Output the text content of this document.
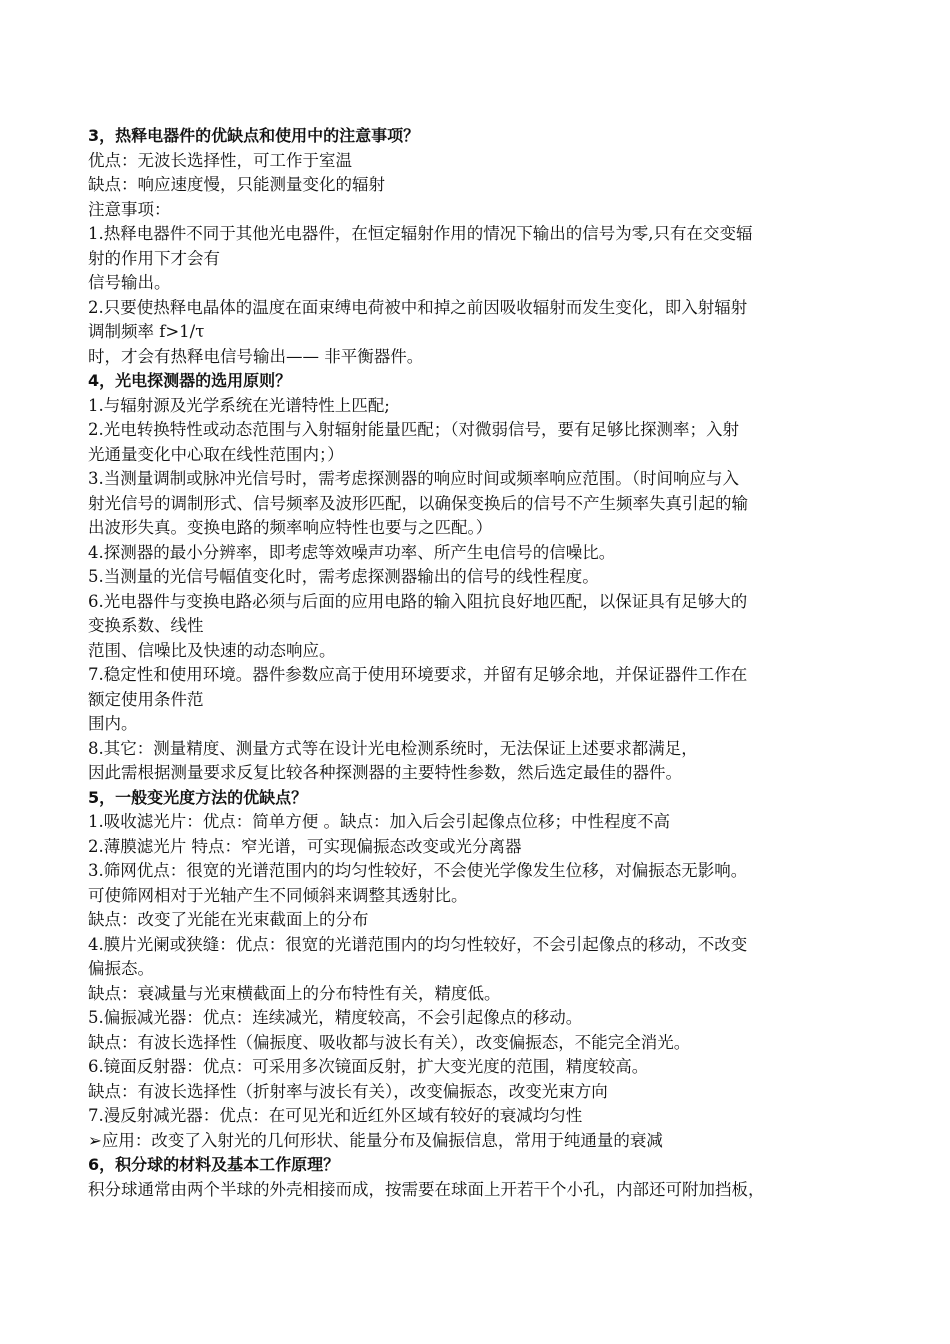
3，热释电器件的优缺点和使用中的注意事项？
优点：无波长选择性，可工作于室温
缺点：响应速度慢，只能测量变化的辐射
注意事项：
1.热释电器件不同于其他光电器件，在恒定辐射作用的情况下输出的信号为零,只有在交变辐
射的作用下才会有
信号输出。
2.只要使热释电晶体的温度在面束缚电荷被中和掉之前因吸收辐射而发生变化，即入射辐射
调制频率 f>1/τ
时，才会有热释电信号输出—— 非平衡器件。
4，光电探测器的选用原则？
1.与辐射源及光学系统在光谱特性上匹配;
2.光电转换特性或动态范围与入射辐射能量匹配；（对微弱信号，要有足够比探测率；入射
光通量变化中心取在线性范围内；）
3.当测量调制或脉冲光信号时，需考虑探测器的响应时间或频率响应范围。（时间响应与入
射光信号的调制形式、信号频率及波形匹配，以确保变换后的信号不产生频率失真引起的输
出波形失真。变换电路的频率响应特性也要与之匹配。）
4.探测器的最小分辨率，即考虑等效噪声功率、所产生电信号的信噪比。
5.当测量的光信号幅值变化时，需考虑探测器输出的信号的线性程度。
6.光电器件与变换电路必须与后面的应用电路的输入阻抗良好地匹配，以保证具有足够大的
变换系数、线性
范围、信噪比及快速的动态响应。
7.稳定性和使用环境。器件参数应高于使用环境要求，并留有足够余地，并保证器件工作在
额定使用条件范
围内。
8.其它：测量精度、测量方式等在设计光电检测系统时，无法保证上述要求都满足，
因此需根据测量要求反复比较各种探测器的主要特性参数，然后选定最佳的器件。
5，一般变光度方法的优缺点？
1.吸收滤光片：优点：简单方便 。缺点：加入后会引起像点位移；中性程度不高
2.薄膜滤光片 特点：窄光谱，可实现偏振态改变或光分离器
3.筛网优点：很宽的光谱范围内的均匀性较好，不会使光学像发生位移，对偏振态无影响。
可使筛网相对于光轴产生不同倾斜来调整其透射比。
缺点：改变了光能在光束截面上的分布
4.膜片光阑或狭缝：优点：很宽的光谱范围内的均匀性较好，不会引起像点的移动，不改变
偏振态。
缺点：衰减量与光束横截面上的分布特性有关，精度低。
5.偏振减光器：优点：连续减光，精度较高，不会引起像点的移动。
缺点：有波长选择性（偏振度、吸收都与波长有关），改变偏振态，不能完全消光。
6.镜面反射器：优点：可采用多次镜面反射，扩大变光度的范围，精度较高。
缺点：有波长选择性（折射率与波长有关），改变偏振态，改变光束方向
7.漫反射减光器：优点：在可见光和近红外区域有较好的衰减均匀性
➢应用：改变了入射光的几何形状、能量分布及偏振信息，常用于纯通量的衰减
6，积分球的材料及基本工作原理？
积分球通常由两个半球的外壳相接而成，按需要在球面上开若干个小孔，内部还可附加挡板，
